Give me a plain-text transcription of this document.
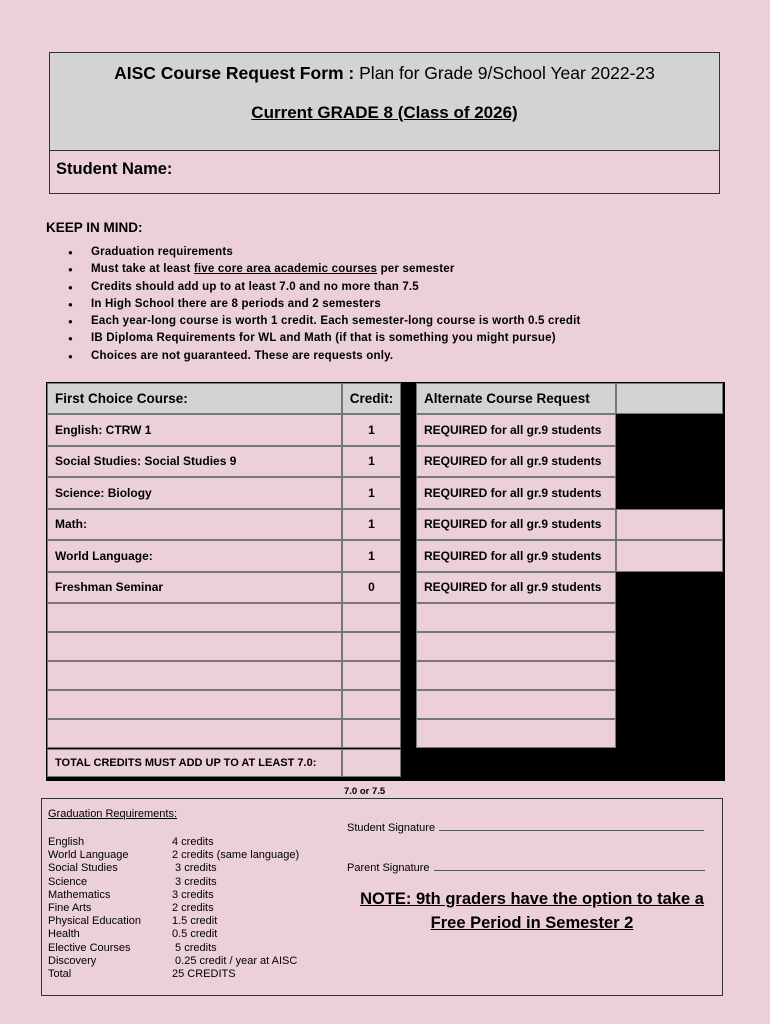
AISC Course Request Form : Plan for Grade 9/School Year 2022-23
Current GRADE 8 (Class of 2026)
Student Name:
KEEP IN MIND:
● Graduation requirements
● Must take at least five core area academic courses per semester
● Credits should add up to at least 7.0 and no more than 7.5
● In High School there are 8 periods and 2 semesters
● Each year-long course is worth 1 credit. Each semester-long course is worth 0.5 credit
● IB Diploma Requirements for WL and Math (if that is something you might pursue)
● Choices are not guaranteed. These are requests only.
First Choice Course:	Credit:	Alternate Course Request
English: CTRW 1	1	REQUIRED for all gr.9 students
Social Studies: Social Studies 9	1	REQUIRED for all gr.9 students
Science: Biology	1	REQUIRED for all gr.9 students
Math:	1	REQUIRED for all gr.9 students
World Language:	1	REQUIRED for all gr.9 students
Freshman Seminar	0	REQUIRED for all gr.9 students
TOTAL CREDITS MUST ADD UP TO AT LEAST 7.0:
7.0 or 7.5
Graduation Requirements:
English	4 credits
World Language	2 credits (same language)
Social Studies	3 credits
Science	3 credits
Mathematics	3 credits
Fine Arts	2 credits
Physical Education	1.5 credit
Health	0.5 credit
Elective Courses	5 credits
Discovery	0.25 credit / year at AISC
Total	25 CREDITS
Student Signature
Parent Signature
NOTE: 9th graders have the option to take a Free Period in Semester 2
